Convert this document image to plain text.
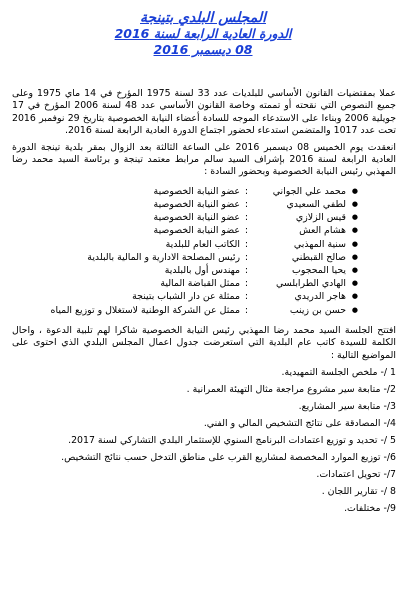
المجلس البلدي بتينجة
الدورة العادية الرابعة لسنة 2016
08 ديسمبر 2016

عملا بمقتضيات القانون الأساسي للبلديات عدد 33 لسنة 1975 المؤرخ في 14 ماي 1975 وعلى جميع النصوص التي نقحته أو تممته وخاصة القانون الأساسي عدد 48 لسنة 2006 المؤرخ في 17 جويلية 2006 وبناءا على الاستدعاء الموجه للسادة أعضاء النيابة الخصوصية بتاريخ 29 نوفمبر 2016 تحت عدد 1017 والمتضمن استدعاء لحضور اجتماع الدورة العادية الرابعة لسنة 2016.

انعقدت يوم الخميس 08 ديسمبر 2016 على الساعة الثالثة بعد الزوال بمقر بلدية تينجة الدورة العادية الرابعة لسنة 2016 بإشراف السيد سالم مرابط معتمد تينجة و برئاسة السيد محمد رضا المهذبي رئيس النيابة الخصوصية وبحضور السادة :

●
محمد علي الجواني
:
عضو النيابة الخصوصية
●
لطفي السعيدي
:
عضو النيابة الخصوصية
●
قيس الزلازي
:
عضو النيابة الخصوصية
●
هشام العش
:
عضو النيابة الخصوصية
●
سنية المهذبي
:
الكاتب العام للبلدية
●
صالح القبطني
:
رئيس المصلحة الادارية و المالية بالبلدية
●
يحيا المحجوب
:
مهندس أول بالبلدية
●
الهادي الطرابلسي
:
ممثل القباضة المالية
●
هاجر الدريدي
:
ممثلة عن دار الشباب بتينجة
●
حسن بن زينب
:
ممثل عن الشركة الوطنية لاستغلال و توزيع المياه

افتتح الجلسة السيد محمد رضا المهذبي رئيس النيابة الخصوصية شاكرا لهم تلبية الدعوة ، واحال الكلمة للسيدة كاتب عام البلدية التي استعرضت جدول اعمال المجلس البلدي الذي احتوى على المواضيع التالية :

1 /- ملخص الجلسة التمهيدية.
2/- متابعة سير مشروع مراجعة مثال التهيئة العمرانية .
3/- متابعة سير المشاريع.
4/- المصادقة على نتائج التشخيص المالي و الفني.
5 /- تحديد و توزيع اعتمادات البرنامج السنوي للإستثمار البلدي التشاركي لسنة 2017.
6/- توزيع الموارد المخصصة لمشاريع القرب على مناطق التدخل حسب نتائج التشخيص.
7/- تحويل اعتمادات.
8 /- تقارير اللجان .
9/- مختلفات.
